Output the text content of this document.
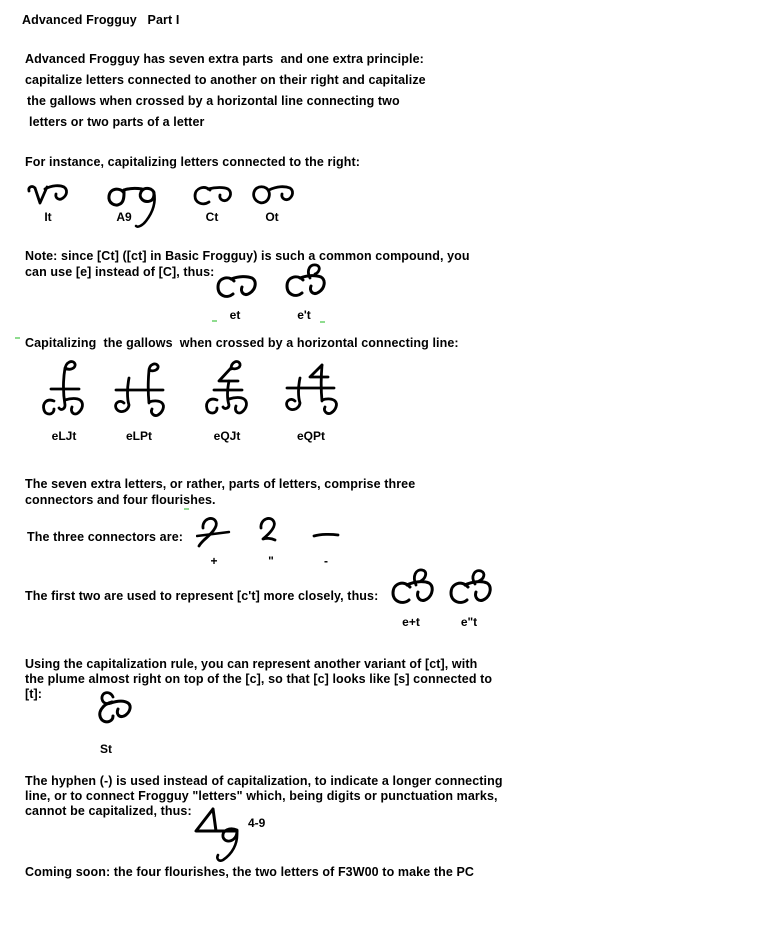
Advanced Frogguy   Part I
Advanced Frogguy has seven extra parts  and one extra principle:
capitalize letters connected to another on their right and capitalize
the gallows when crossed by a horizontal line connecting two
letters or two parts of a letter
For instance, capitalizing letters connected to the right:
It	A9	Ct	Ot
Note: since [Ct] ([ct] in Basic Frogguy) is such a common compound, you
can use [e] instead of [C], thus:
et	e't
Capitalizing  the gallows  when crossed by a horizontal connecting line:
eLJt	eLPt	eQJt	eQPt
The seven extra letters, or rather, parts of letters, comprise three
connectors and four flourishes.
The three connectors are:
+	"	-
The first two are used to represent [c't] more closely, thus:
e+t	e"t
Using the capitalization rule, you can represent another variant of [ct], with
the plume almost right on top of the [c], so that [c] looks like [s] connected to
[t]:
St
The hyphen (-) is used instead of capitalization, to indicate a longer connecting
line, or to connect Frogguy "letters" which, being digits or punctuation marks,
cannot be capitalized, thus:
4-9
Coming soon: the four flourishes, the two letters of F3W00 to make the PC
